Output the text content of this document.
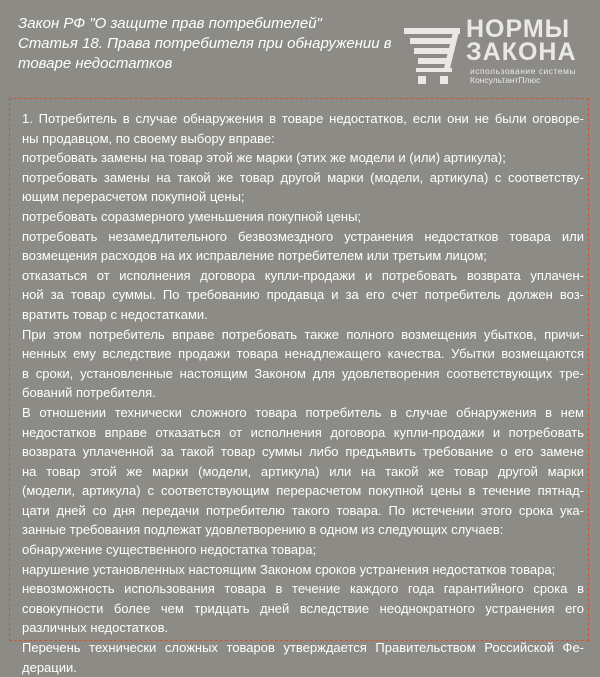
Закон РФ "О защите прав потребителей"
Статья 18. Права потребителя при обнаружении в
товаре недостатков
НОРМЫ
ЗАКОНА
использование системы
КонсультантПлюс
1. Потребитель в случае обнаружения в товаре недостатков, если они не были оговоре-
ны продавцом, по своему выбору вправе:
потребовать замены на товар этой же марки (этих же модели и (или) артикула);
потребовать замены на такой же товар другой марки (модели, артикула) с соответству-
ющим перерасчетом покупной цены;
потребовать соразмерного уменьшения покупной цены;
потребовать незамедлительного безвозмездного устранения недостатков товара или
возмещения расходов на их исправление потребителем или третьим лицом;
отказаться от исполнения договора купли-продажи и потребовать возврата уплачен-
ной за товар суммы. По требованию продавца и за его счет потребитель должен воз-
вратить товар с недостатками.
При этом потребитель вправе потребовать также полного возмещения убытков, причи-
ненных ему вследствие продажи товара ненадлежащего качества. Убытки возмещаются
в сроки, установленные настоящим Законом для удовлетворения соответствующих тре-
бований потребителя.
В отношении технически сложного товара потребитель в случае обнаружения в нем
недостатков вправе отказаться от исполнения договора купли-продажи и потребовать
возврата уплаченной за такой товар суммы либо предъявить требование о его замене
на товар этой же марки (модели, артикула) или на такой же товар другой марки
(модели, артикула) с соответствующим перерасчетом покупной цены в течение пятнад-
цати дней со дня передачи потребителю такого товара. По истечении этого срока ука-
занные требования подлежат удовлетворению в одном из следующих случаев:
обнаружение существенного недостатка товара;
нарушение установленных настоящим Законом сроков устранения недостатков товара;
невозможность использования товара в течение каждого года гарантийного срока в
совокупности более чем тридцать дней вследствие неоднократного устранения его
различных недостатков.
Перечень технически сложных товаров утверждается Правительством Российской Фе-
дерации.
